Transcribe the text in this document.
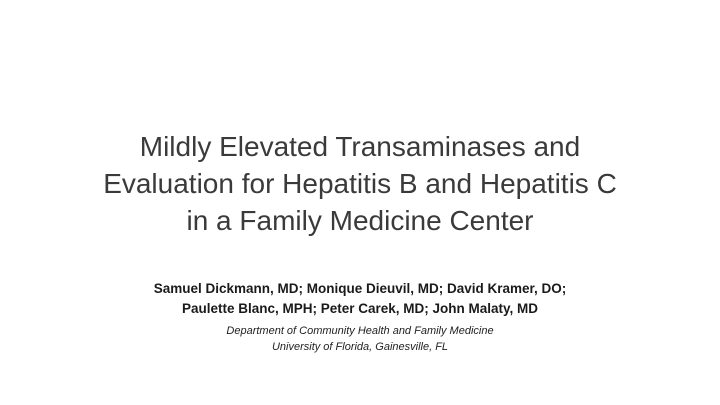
Mildly Elevated Transaminases and
Evaluation for Hepatitis B and Hepatitis C
in a Family Medicine Center

Samuel Dickmann, MD; Monique Dieuvil, MD; David Kramer, DO;
Paulette Blanc, MPH; Peter Carek, MD; John Malaty, MD

Department of Community Health and Family Medicine
University of Florida, Gainesville, FL
